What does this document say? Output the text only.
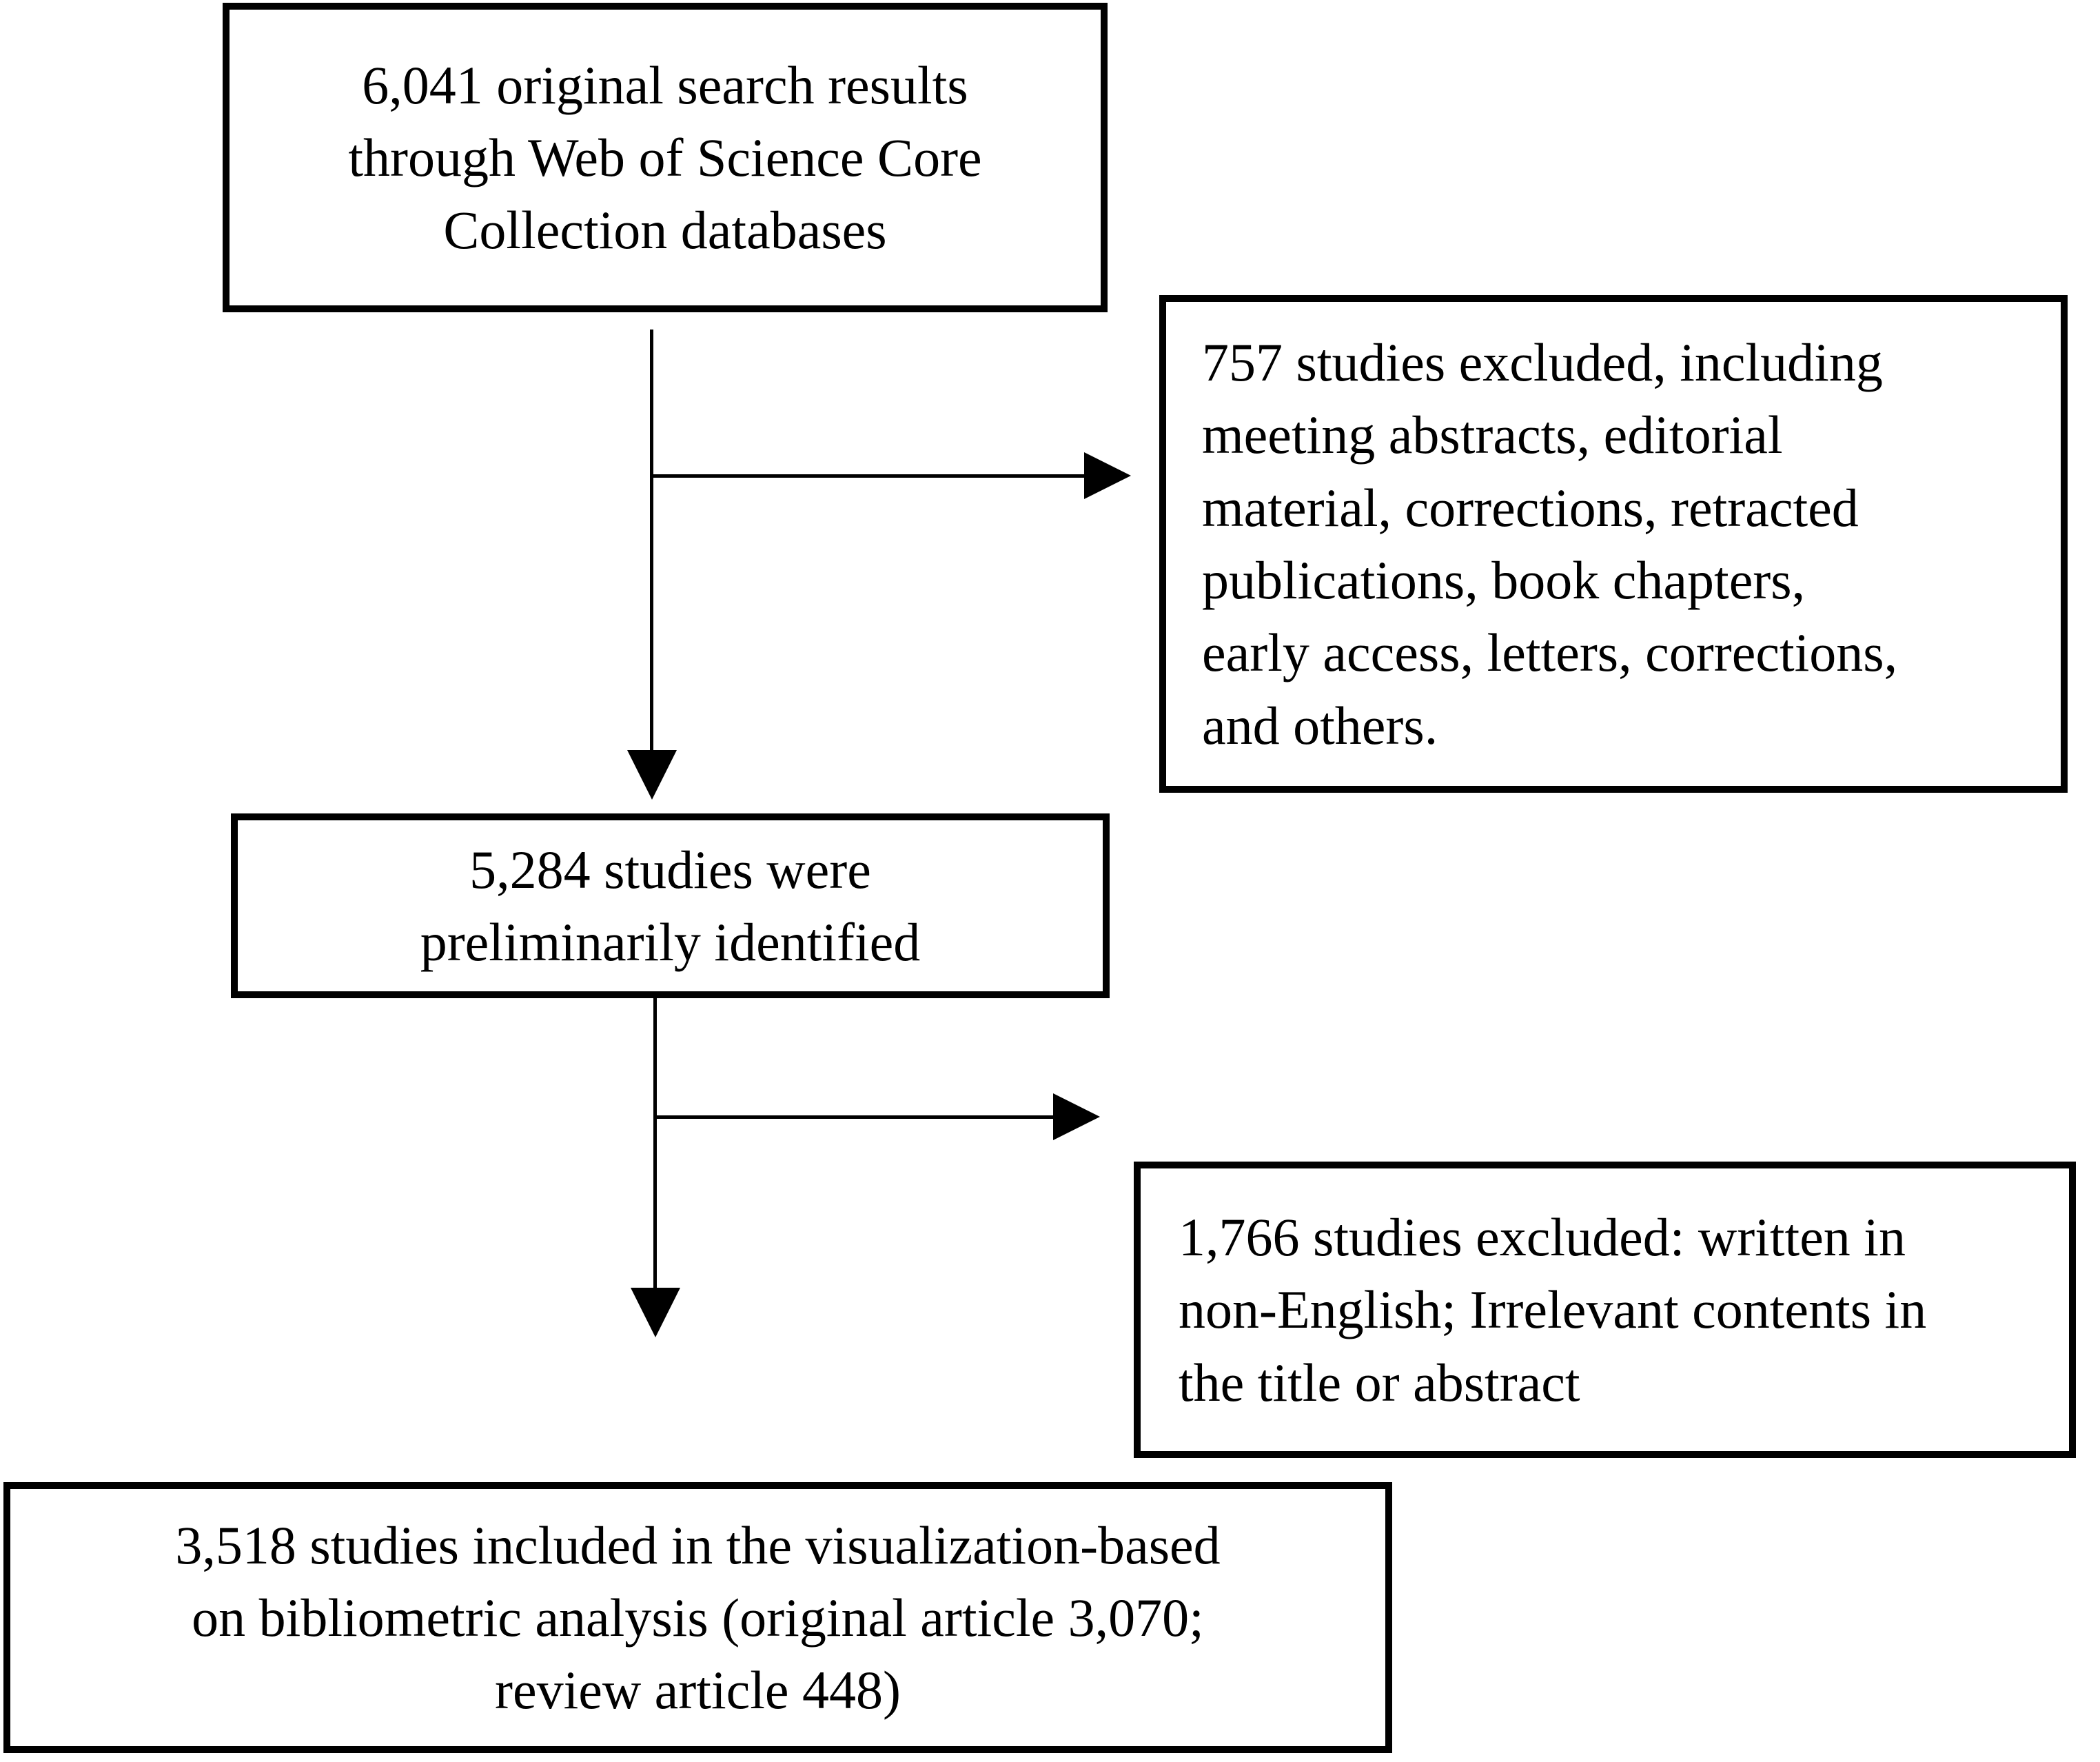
6,041 original search results
through Web of Science Core
Collection databases
757 studies excluded, including
meeting abstracts, editorial
material, corrections, retracted
publications, book chapters,
early access, letters, corrections,
and others.
5,284 studies were
preliminarily identified
1,766 studies excluded: written in
non-English; Irrelevant contents in
the title or abstract
3,518 studies included in the visualization-based
on bibliometric analysis (original article 3,070;
review article 448)
